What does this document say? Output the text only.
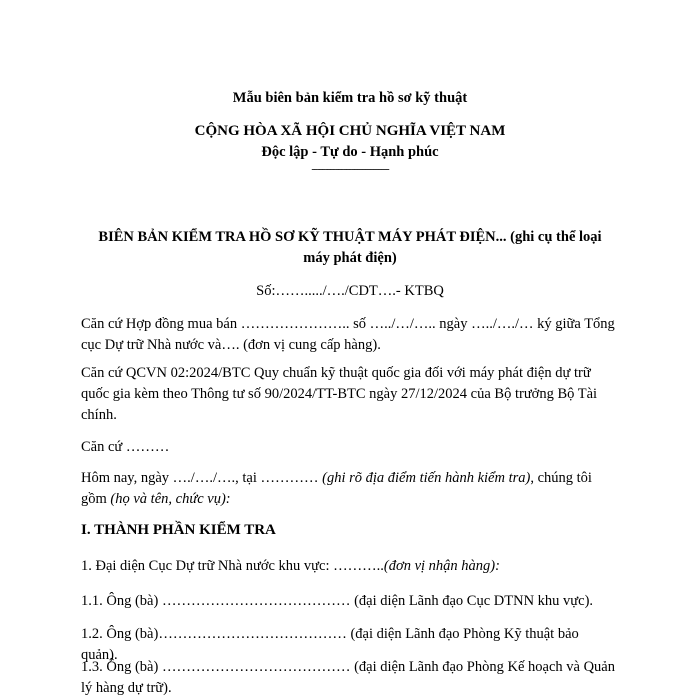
Mẫu biên bản kiểm tra hồ sơ kỹ thuật
CỘNG HÒA XÃ HỘI CHỦ NGHĨA VIỆT NAM
Độc lập - Tự do - Hạnh phúc
-----------------------------
BIÊN BẢN KIỂM TRA HỒ SƠ KỸ THUẬT MÁY PHÁT ĐIỆN... (ghi cụ thể loại máy phát điện)
Số:……...../…./CDT….- KTBQ
Căn cứ Hợp đồng mua bán ………………….. số …../…/….. ngày …../…./… ký giữa Tổng cục Dự trữ Nhà nước và…. (đơn vị cung cấp hàng).
Căn cứ QCVN 02:2024/BTC Quy chuẩn kỹ thuật quốc gia đối với máy phát điện dự trữ quốc gia kèm theo Thông tư số 90/2024/TT-BTC ngày 27/12/2024 của Bộ trưởng Bộ Tài chính.
Căn cứ ………
Hôm nay, ngày …./…./…., tại ………… (ghi rõ địa điểm tiến hành kiểm tra), chúng tôi gồm (họ và tên, chức vụ):
I. THÀNH PHẦN KIỂM TRA
1. Đại diện Cục Dự trữ Nhà nước khu vực: ………..(đơn vị nhận hàng):
1.1. Ông (bà) ………………………………… (đại diện Lãnh đạo Cục DTNN khu vực).
1.2. Ông (bà)………………………………… (đại diện Lãnh đạo Phòng Kỹ thuật bảo quản).
1.3. Ông (bà) ………………………………… (đại diện Lãnh đạo Phòng Kế hoạch và Quản lý hàng dự trữ).
